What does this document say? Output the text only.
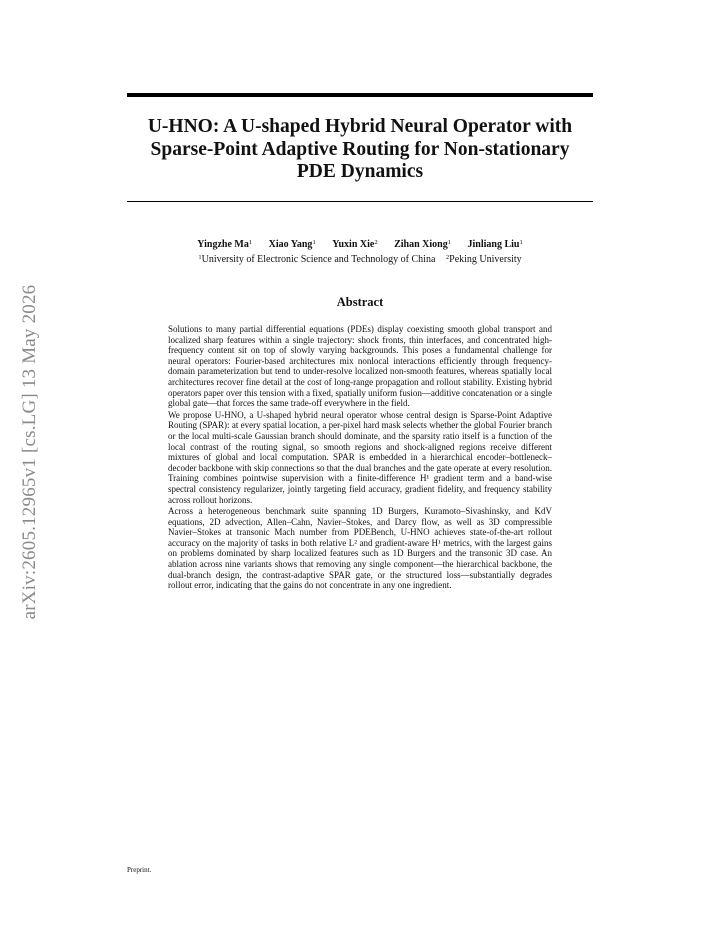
U-HNO: A U-shaped Hybrid Neural Operator with
Sparse-Point Adaptive Routing for Non-stationary
PDE Dynamics
Yingzhe Ma$^1$ Xiao Yang$^1$ Yuxin Xie$^2$ Zihan Xiong$^1$ Jinliang Liu$^1$
$^1$University of Electronic Science and Technology of China $^2$Peking University
arXiv:2605.12965v1 [cs.LG] 13 May 2026	Abstract

Solutions to many partial differential equations (PDEs) display coexisting smooth global transport and localized sharp features within a single trajectory: shock fronts, thin interfaces, and concentrated high-frequency content sit on top of slowly varying backgrounds. This poses a fundamental challenge for neural operators: Fourier-based architectures mix nonlocal interactions efficiently through frequency-domain parameterization but tend to under-resolve localized non-smooth features, whereas spatially local architectures recover fine detail at the cost of long-range propagation and rollout stability. Existing hybrid operators paper over this tension with a fixed, spatially uniform fusion—additive concatenation or a single global gate—that forces the same trade-off everywhere in the field.

We propose U-HNO, a U-shaped hybrid neural operator whose central design is Sparse-Point Adaptive Routing (SPAR): at every spatial location, a per-pixel hard mask selects whether the global Fourier branch or the local multi-scale Gaussian branch should dominate, and the sparsity ratio itself is a function of the local contrast of the routing signal, so smooth regions and shock-aligned regions receive different mixtures of global and local computation. SPAR is embedded in a hierarchical encoder–bottleneck–decoder backbone with skip connections so that the dual branches and the gate operate at every resolution. Training combines pointwise supervision with a finite-difference H¹ gradient term and a band-wise spectral consistency regularizer, jointly targeting field accuracy, gradient fidelity, and frequency stability across rollout horizons.

Across a heterogeneous benchmark suite spanning 1D Burgers, Kuramoto–Sivashinsky, and KdV equations, 2D advection, Allen–Cahn, Navier–Stokes, and Darcy flow, as well as 3D compressible Navier–Stokes at transonic Mach number from PDEBench, U-HNO achieves state-of-the-art rollout accuracy on the majority of tasks in both relative L² and gradient-aware H¹ metrics, with the largest gains on problems dominated by sharp localized features such as 1D Burgers and the transonic 3D case. An ablation across nine variants shows that removing any single component—the hierarchical backbone, the dual-branch design, the contrast-adaptive SPAR gate, or the structured loss—substantially degrades rollout error, indicating that the gains do not concentrate in any one ingredient.

Preprint.
